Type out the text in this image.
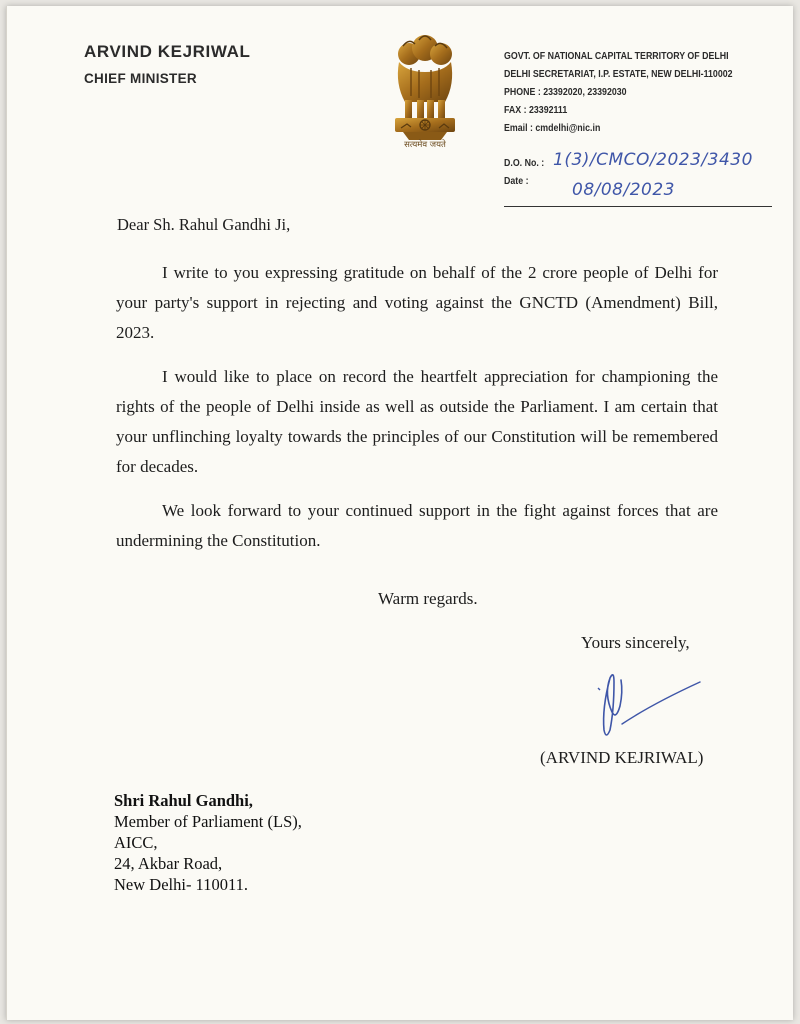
ARVIND KEJRIWAL
CHIEF MINISTER
सत्यमेव जयते
GOVT. OF NATIONAL CAPITAL TERRITORY OF DELHI
DELHI SECRETARIAT, I.P. ESTATE, NEW DELHI-110002
PHONE : 23392020, 23392030
FAX : 23392111
Email : cmdelhi@nic.in
D.O. No. : 1(3)/CMCO/2023/3430
Date :	08/08/2023
Dear Sh. Rahul Gandhi Ji,

I write to you expressing gratitude on behalf of the 2 crore people of Delhi for your party's support in rejecting and voting against the GNCTD (Amendment) Bill, 2023.

I would like to place on record the heartfelt appreciation for championing the rights of the people of Delhi inside as well as outside the Parliament. I am certain that your unflinching loyalty towards the principles of our Constitution will be remembered for decades.

We look forward to your continued support in the fight against forces that are undermining the Constitution.

Warm regards.
Yours sincerely,
(ARVIND KEJRIWAL)
Shri Rahul Gandhi,
Member of Parliament (LS),
AICC,
24, Akbar Road,
New Delhi- 110011.
